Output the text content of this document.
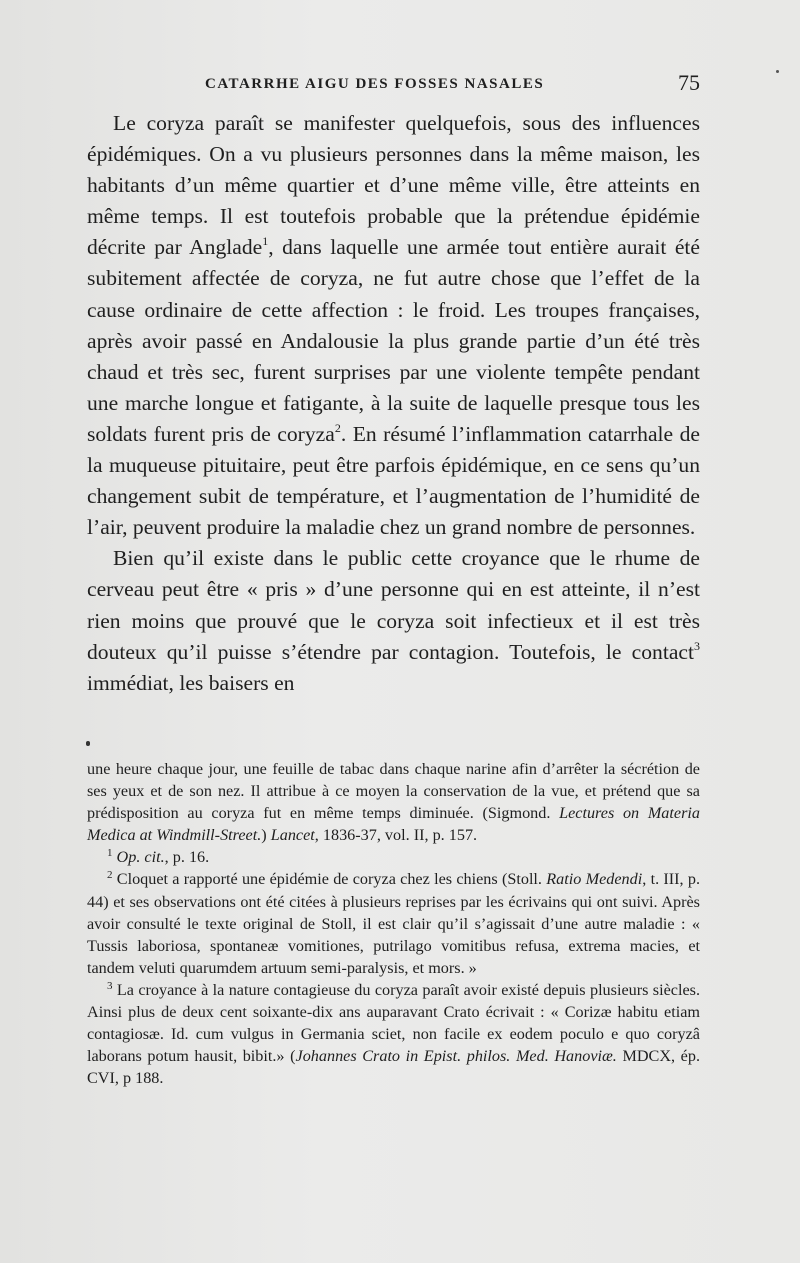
CATARRHE AIGU DES FOSSES NASALES	75

Le coryza paraît se manifester quelquefois, sous des influences épidémiques. On a vu plusieurs personnes dans la même maison, les habitants d’un même quartier et d’une même ville, être atteints en même temps. Il est toutefois probable que la prétendue épidémie décrite par Anglade$^1$, dans laquelle une armée tout entière aurait été subitement affectée de coryza, ne fut autre chose que l’effet de la cause ordinaire de cette affection : le froid. Les troupes françaises, après avoir passé en Andalousie la plus grande partie d’un été très chaud et très sec, furent surprises par une violente tempête pendant une marche longue et fatigante, à la suite de laquelle presque tous les soldats furent pris de coryza$^2$. En résumé l’inflammation catarrhale de la muqueuse pituitaire, peut être parfois épidémique, en ce sens qu’un changement subit de température, et l’augmentation de l’humidité de l’air, peuvent produire la maladie chez un grand nombre de personnes.

Bien qu’il existe dans le public cette croyance que le rhume de cerveau peut être « pris » d’une personne qui en est atteinte, il n’est rien moins que prouvé que le coryza soit infectieux et il est très douteux qu’il puisse s’étendre par contagion. Toutefois, le contact$^3$ immédiat, les baisers en

une heure chaque jour, une feuille de tabac dans chaque narine afin d’arrêter la sécrétion de ses yeux et de son nez. Il attribue à ce moyen la conservation de la vue, et prétend que sa prédisposition au coryza fut en même temps diminuée. (Sigmond. Lectures on Materia Medica at Windmill-Street.) Lancet, 1836-37, vol. II, p. 157.

$^1$ Op. cit., p. 16.

$^2$ Cloquet a rapporté une épidémie de coryza chez les chiens (Stoll. Ratio Medendi, t. III, p. 44) et ses observations ont été citées à plusieurs reprises par les écrivains qui ont suivi. Après avoir consulté le texte original de Stoll, il est clair qu’il s’agissait d’une autre maladie : « Tussis laboriosa, spontaneæ vomitiones, putrilago vomitibus refusa, extrema macies, et tandem veluti quarumdem artuum semi-paralysis, et mors. »

$^3$ La croyance à la nature contagieuse du coryza paraît avoir existé depuis plusieurs siècles. Ainsi plus de deux cent soixante-dix ans auparavant Crato écrivait : « Corizæ habitu etiam contagiosæ. Id. cum vulgus in Germania sciet, non facile ex eodem poculo e quo coryzâ laborans potum hausit, bibit.» (Johannes Crato in Epist. philos. Med. Hanoviæ. MDCX, ép. CVI, p 188.
